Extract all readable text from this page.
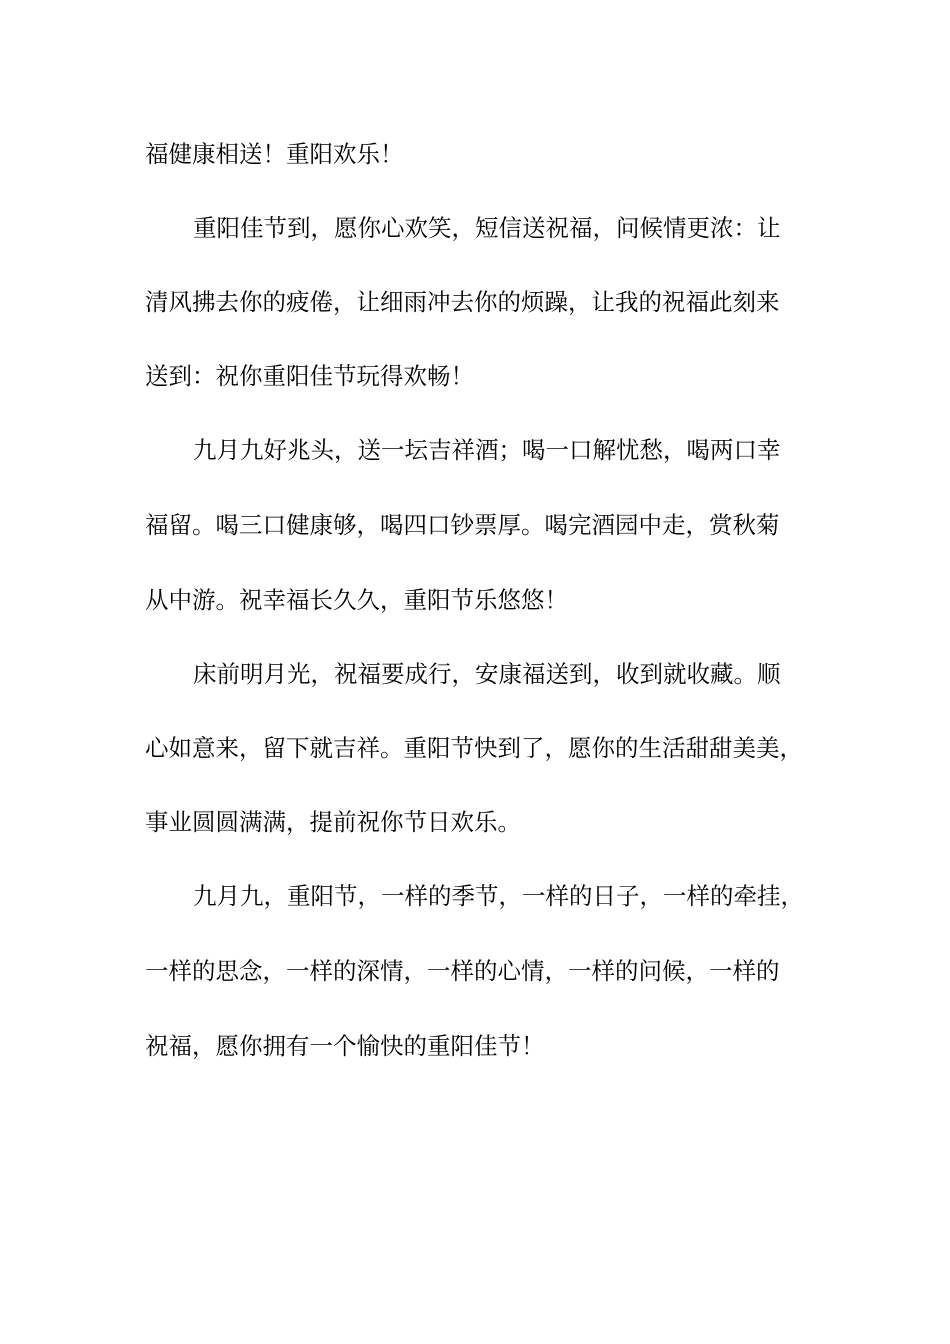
福健康相送！重阳欢乐！
重阳佳节到，愿你心欢笑，短信送祝福，问候情更浓：让
清风拂去你的疲倦，让细雨冲去你的烦躁，让我的祝福此刻来
送到：祝你重阳佳节玩得欢畅！
九月九好兆头，送一坛吉祥酒；喝一口解忧愁，喝两口幸
福留。喝三口健康够，喝四口钞票厚。喝完酒园中走，赏秋菊
从中游。祝幸福长久久，重阳节乐悠悠！
床前明月光，祝福要成行，安康福送到，收到就收藏。顺
心如意来，留下就吉祥。重阳节快到了，愿你的生活甜甜美美，
事业圆圆满满，提前祝你节日欢乐。
九月九，重阳节，一样的季节，一样的日子，一样的牵挂，
一样的思念，一样的深情，一样的心情，一样的问候，一样的
祝福，愿你拥有一个愉快的重阳佳节！
